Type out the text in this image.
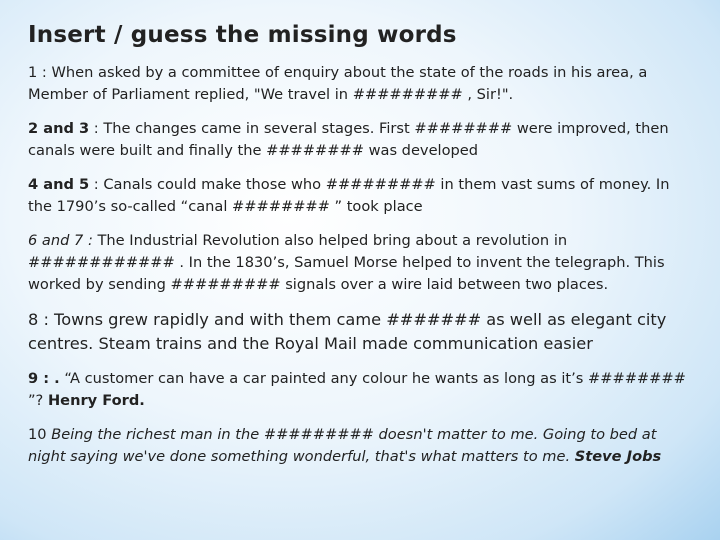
Insert / guess the missing words

1 : When asked by a committee of enquiry about the state of the roads in his area, a Member of Parliament replied, "We travel in ######### , Sir!".

2 and 3 : The changes came in several stages. First ######## were improved, then canals were built and finally the ######## was developed

4 and 5 : Canals could make those who ######### in them vast sums of money. In the 1790’s so-called “canal ######## ” took place

6 and 7 : The Industrial Revolution also helped bring about a revolution in ############ . In the 1830’s, Samuel Morse helped to invent the telegraph. This worked by sending ######### signals over a wire laid between two places.

8 : Towns grew rapidly and with them came ####### as well as elegant city centres. Steam trains and the Royal Mail made communication easier

9 : . “A customer can have a car painted any colour he wants as long as it’s ######## ”? Henry Ford.

10 Being the richest man in the ######### doesn't matter to me. Going to bed at night saying we've done something wonderful, that's what matters to me. Steve Jobs
